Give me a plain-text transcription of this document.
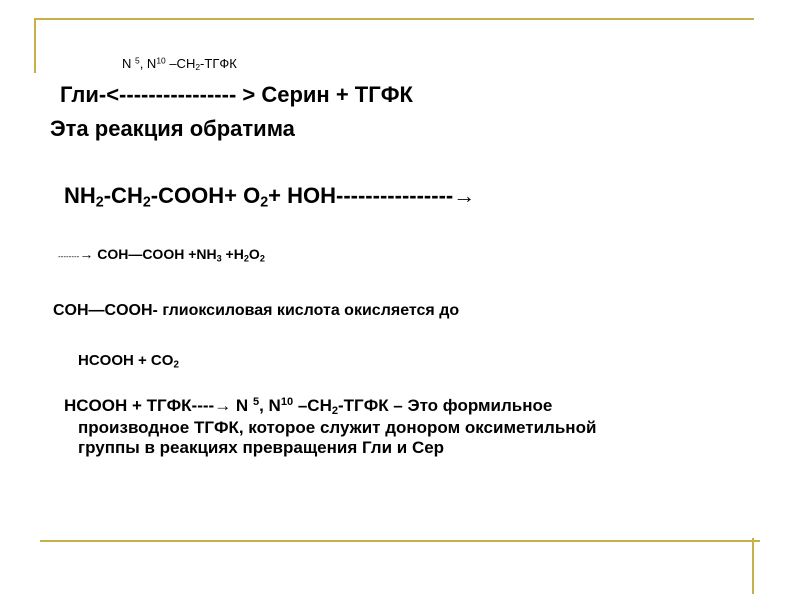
N $^5$, $N^{10}$ $-CH_2$-ТГФК
Гли-<---------------- > Серин + ТГФК
Эта реакция обратима
$NH_2-CH_2-COOH+ O_2+ HOH----------------\to$
--------→ COH—COOH $+NH_3 +H_2O_2$
COH—COOH- глиоксиловая кислота окисляется до
HCOOH + $CO_2$
HCOOH + ТГФК----→ N $^5$, $N^{10}$ $-CH_2$-ТГФК – Это формильное
производное ТГФК, которое служит донором оксиметильной
группы в реакциях превращения Гли и Сер
